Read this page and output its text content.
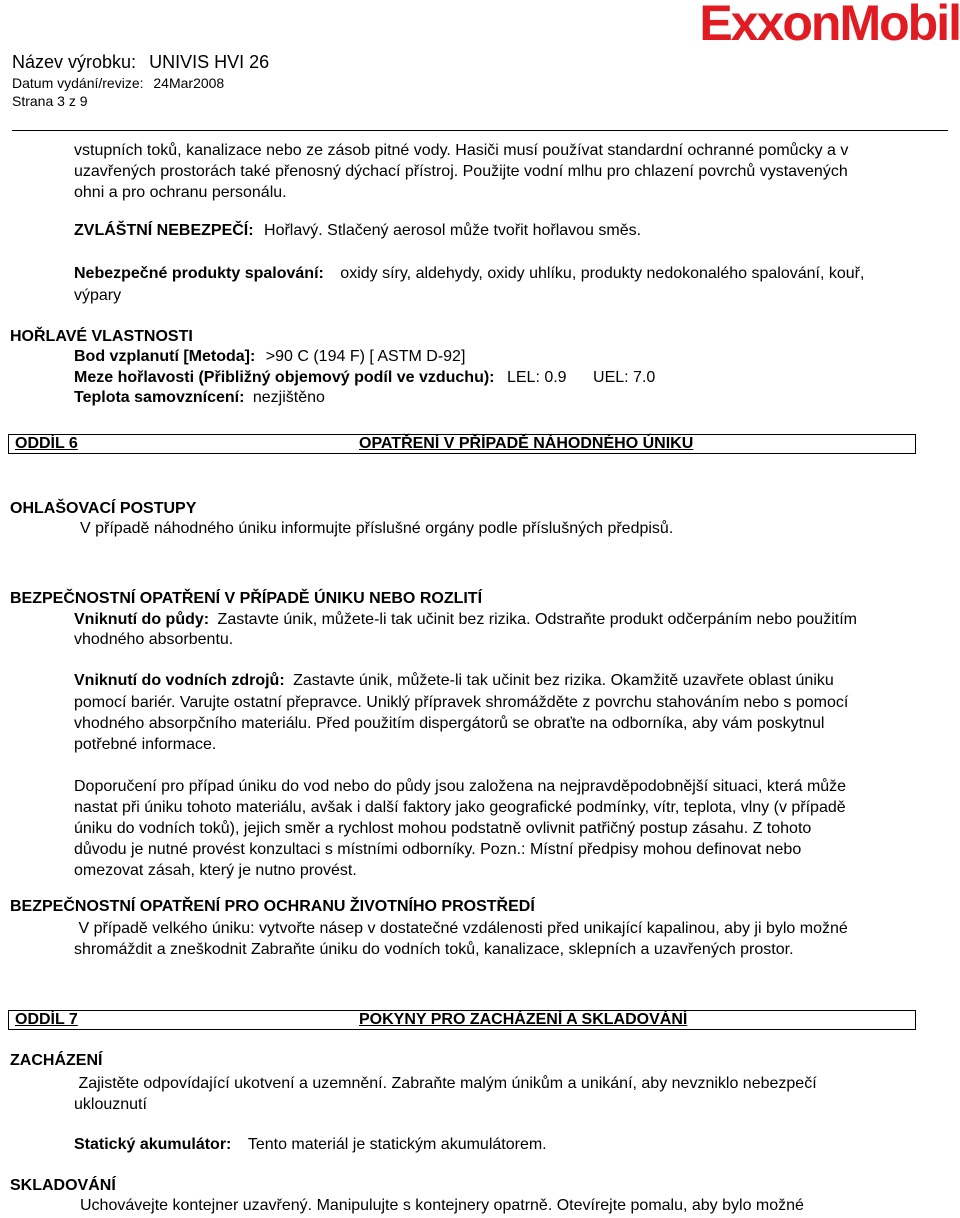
ExxonMobil
Název výrobku: UNIVIS HVI 26
Datum vydání/revize: 24Mar2008
Strana 3 z 9
vstupních toků, kanalizace nebo ze zásob pitné vody. Hasiči musí používat standardní ochranné pomůcky a v
uzavřených prostorách také přenosný dýchací přístroj. Použijte vodní mlhu pro chlazení povrchů vystavených
ohni a pro ochranu personálu.
ZVLÁŠTNÍ NEBEZPEČÍ: Hořlavý. Stlačený aerosol může tvořit hořlavou směs.
Nebezpečné produkty spalování: oxidy síry, aldehydy, oxidy uhlíku, produkty nedokonalého spalování, kouř,
výpary
HOŘLAVÉ VLASTNOSTI
Bod vzplanutí [Metoda]: >90 C (194 F) [ ASTM D-92]
Meze hořlavosti (Přibližný objemový podíl ve vzduchu): LEL: 0.9 UEL: 7.0
Teplota samovznícení: nezjištěno
ODDÍL 6	OPATŘENÍ V PŘÍPADĚ NÁHODNÉHO ÚNIKU
OHLAŠOVACÍ POSTUPY
V případě náhodného úniku informujte příslušné orgány podle příslušných předpisů.
BEZPEČNOSTNÍ OPATŘENÍ V PŘÍPADĚ ÚNIKU NEBO ROZLITÍ
Vniknutí do půdy: Zastavte únik, můžete-li tak učinit bez rizika. Odstraňte produkt odčerpáním nebo použitím
vhodného absorbentu.
Vniknutí do vodních zdrojů: Zastavte únik, můžete-li tak učinit bez rizika. Okamžitě uzavřete oblast úniku
pomocí bariér. Varujte ostatní přepravce. Uniklý přípravek shromážděte z povrchu stahováním nebo s pomocí
vhodného absorpčního materiálu. Před použitím dispergátorů se obraťte na odborníka, aby vám poskytnul
potřebné informace.
Doporučení pro případ úniku do vod nebo do půdy jsou založena na nejpravděpodobnější situaci, která může
nastat při úniku tohoto materiálu, avšak i další faktory jako geografické podmínky, vítr, teplota, vlny (v případě
úniku do vodních toků), jejich směr a rychlost mohou podstatně ovlivnit patřičný postup zásahu. Z tohoto
důvodu je nutné provést konzultaci s místními odborníky. Pozn.: Místní předpisy mohou definovat nebo
omezovat zásah, který je nutno provést.
BEZPEČNOSTNÍ OPATŘENÍ PRO OCHRANU ŽIVOTNÍHO PROSTŘEDÍ
V případě velkého úniku: vytvořte násep v dostatečné vzdálenosti před unikající kapalinou, aby ji bylo možné
shromáždit a zneškodnit Zabraňte úniku do vodních toků, kanalizace, sklepních a uzavřených prostor.
ODDÍL 7	POKYNY PRO ZACHÁZENÍ A SKLADOVÁNÍ
ZACHÁZENÍ
Zajistěte odpovídající ukotvení a uzemnění. Zabraňte malým únikům a unikání, aby nevzniklo nebezpečí
uklouznutí
Statický akumulátor: Tento materiál je statickým akumulátorem.
SKLADOVÁNÍ
Uchovávejte kontejner uzavřený. Manipulujte s kontejnery opatrně. Otevírejte pomalu, aby bylo možné
